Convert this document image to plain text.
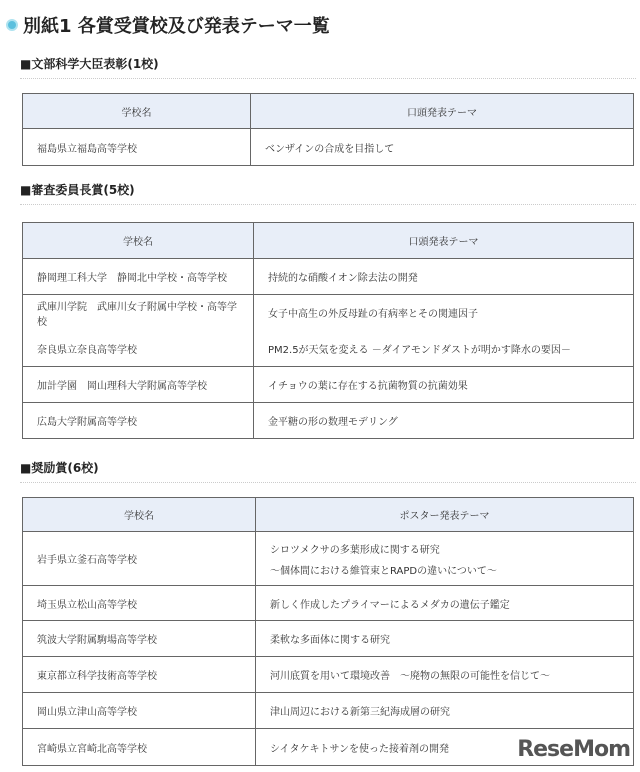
別紙1 各賞受賞校及び発表テーマ一覧
■文部科学大臣表彰(1校)
学校名	口頭発表テーマ
福島県立福島高等学校	ベンザインの合成を目指して
■審査委員長賞(5校)
学校名	口頭発表テーマ
静岡理工科大学　静岡北中学校・高等学校	持続的な硝酸イオン除去法の開発
武庫川学院　武庫川女子附属中学校・高等学校	女子中高生の外反母趾の有病率とその関連因子
奈良県立奈良高等学校	PM2.5が天気を変える －ダイアモンドダストが明かす降水の要因－
加計学園　岡山理科大学附属高等学校	イチョウの葉に存在する抗菌物質の抗菌効果
広島大学附属高等学校	金平糖の形の数理モデリング
■奨励賞(6校)
学校名	ポスター発表テーマ
岩手県立釜石高等学校	シロツメクサの多葉形成に関する研究
～個体間における維管束とRAPDの違いについて～

埼玉県立松山高等学校	新しく作成したプライマーによるメダカの遺伝子鑑定
筑波大学附属駒場高等学校	柔軟な多面体に関する研究
東京都立科学技術高等学校	河川底質を用いて環境改善　～廃物の無限の可能性を信じて～
岡山県立津山高等学校	津山周辺における新第三紀海成層の研究
宮崎県立宮崎北高等学校	シイタケキトサンを使った接着剤の開発	ReseMom
